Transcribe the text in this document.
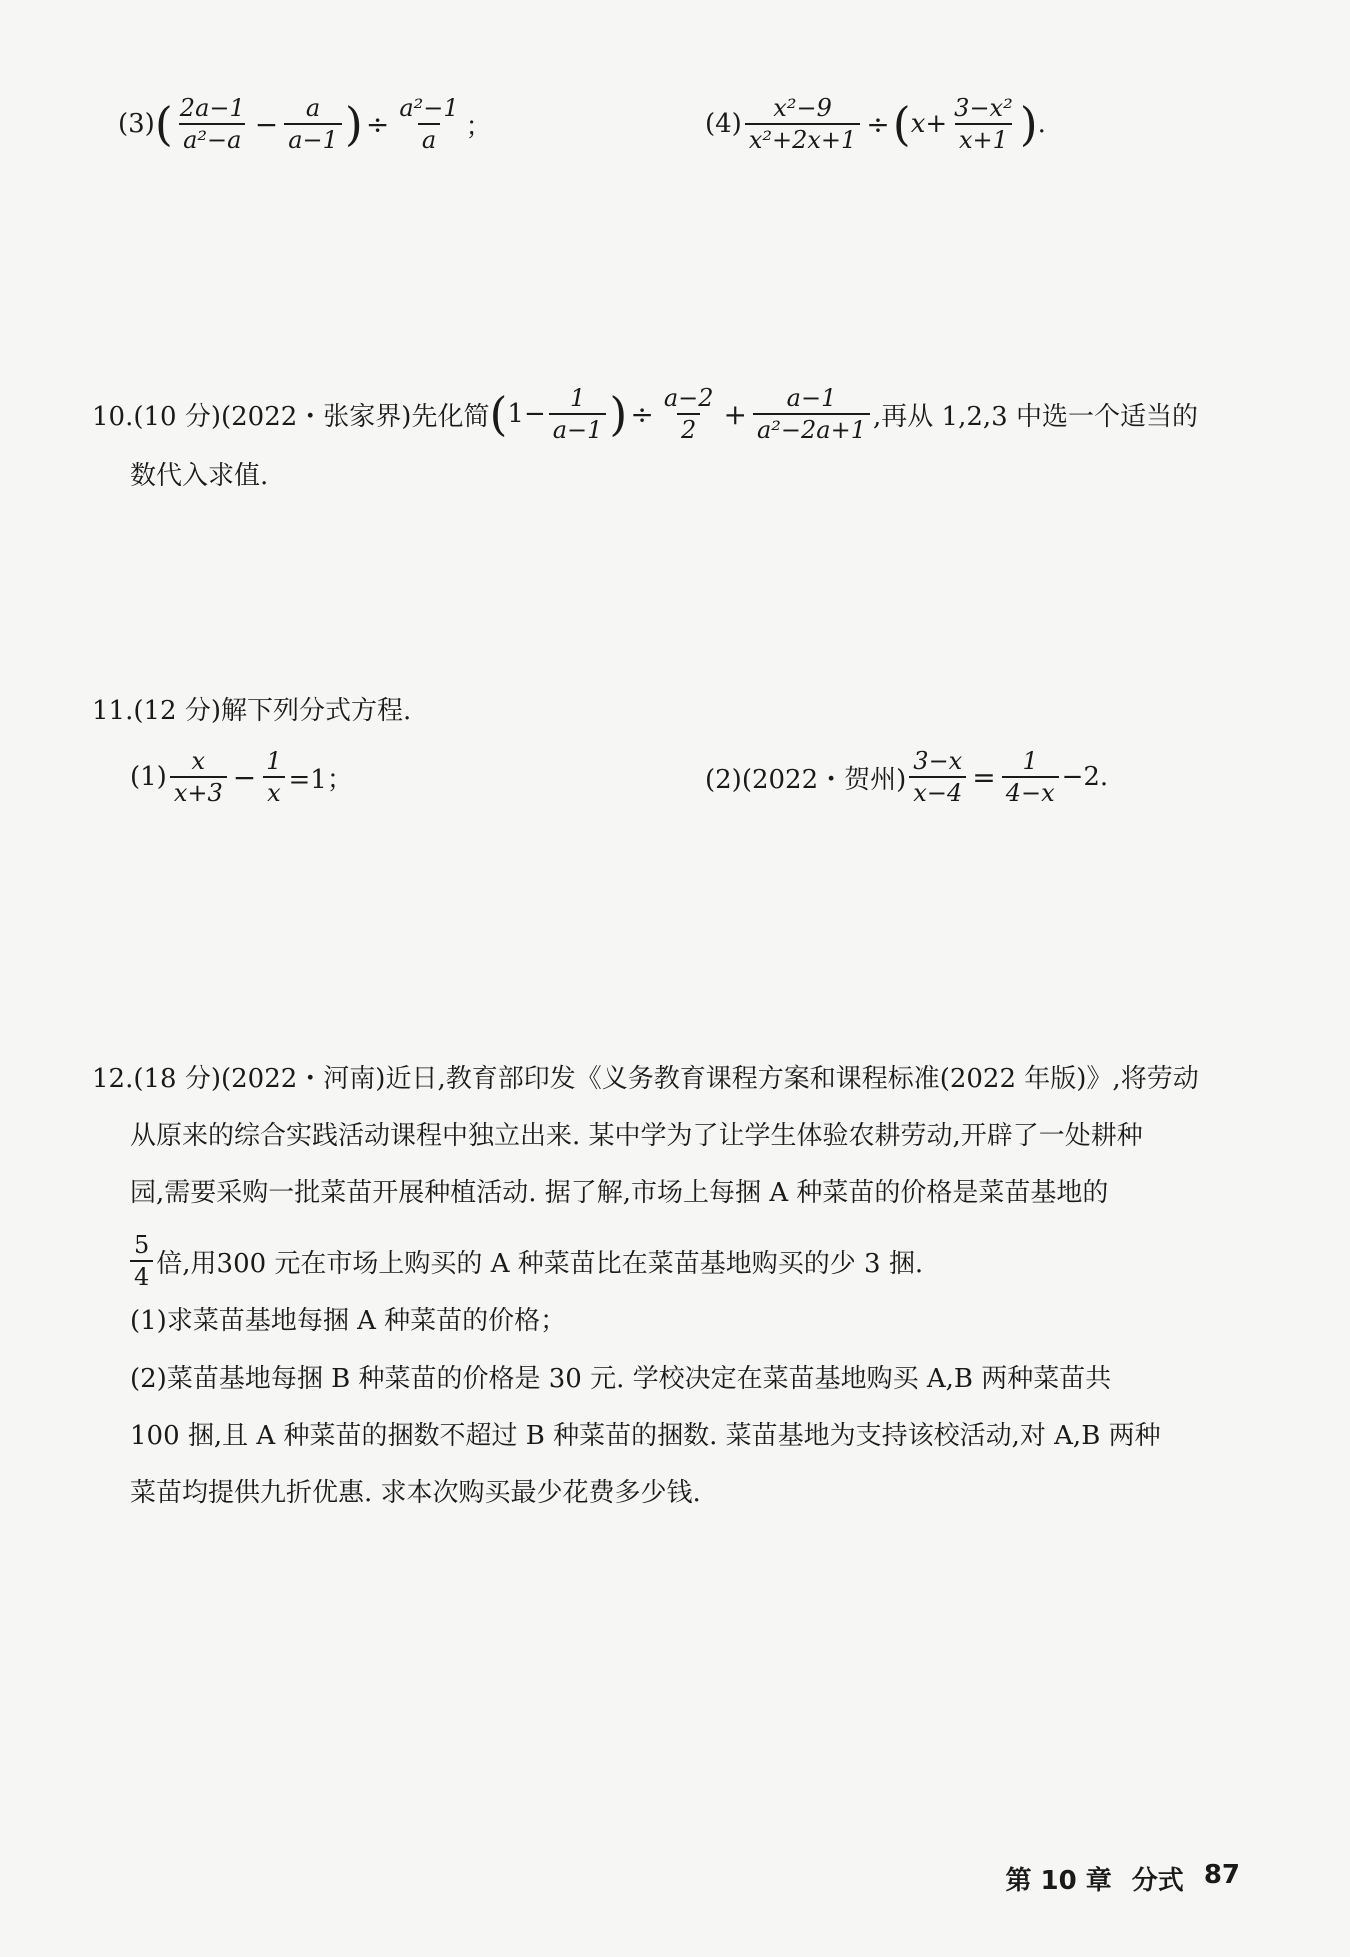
(3) ( $\frac{2a-1}{\text{a²−a}} - \frac{a}{a-1}$ ) ÷ $\frac{\text{a²−1}}{a}$ ；	$(4) \frac{\text{x²−9}}{\text{x²+2x+1}}$ ÷ ( $x+ \frac{\text{3−x²}}{x+1}$ ) .
10.(10 分)(2022・张家界)先化简 ( $1- \frac{1}{a-1}$ ) ÷ $\frac{a-2}{2} + \frac{a-1}{\text{a²−2a+1}}$ ,再从 1,2,3 中选一个适当的
数代入求值.
11.(12 分)解下列分式方程.
$(1) \frac{x}{x+3} - \frac{1}{x} =1$；	(2)(2022・贺州) $\frac{3-x}{x-4} = \frac{1}{4-x} -2$.
12.(18 分)(2022・河南)近日,教育部印发《义务教育课程方案和课程标准(2022 年版)》,将劳动
从原来的综合实践活动课程中独立出来. 某中学为了让学生体验农耕劳动,开辟了一处耕种
园,需要采购一批菜苗开展种植活动. 据了解,市场上每捆 A 种菜苗的价格是菜苗基地的
$\frac{5}{4}$ 倍,用300 元在市场上购买的 A 种菜苗比在菜苗基地购买的少 3 捆.
(1)求菜苗基地每捆 A 种菜苗的价格；
(2)菜苗基地每捆 B 种菜苗的价格是 30 元. 学校决定在菜苗基地购买 A,B 两种菜苗共
100 捆,且 A 种菜苗的捆数不超过 B 种菜苗的捆数. 菜苗基地为支持该校活动,对 A,B 两种
菜苗均提供九折优惠. 求本次购买最少花费多少钱.
第 10 章 分式 87
